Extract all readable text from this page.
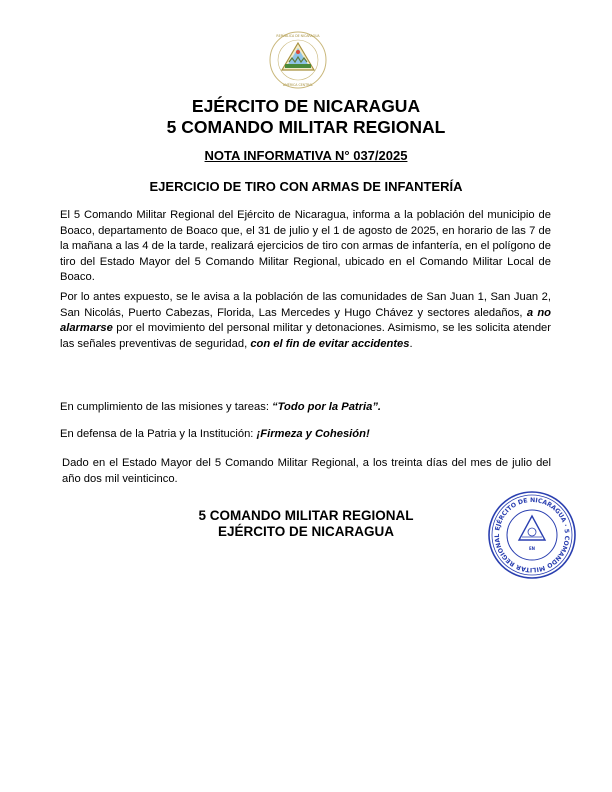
REPÚBLICA DE NICARAGUA
AMÉRICA CENTRAL
EJÉRCITO DE NICARAGUA
5 COMANDO MILITAR REGIONAL
NOTA INFORMATIVA N° 037/2025
EJERCICIO DE TIRO CON ARMAS DE INFANTERÍA
El 5 Comando Militar Regional del Ejército de Nicaragua, informa a la población del municipio de Boaco, departamento de Boaco que, el 31 de julio y el 1 de agosto de 2025, en horario de las 7 de la mañana a las 4 de la tarde, realizará ejercicios de tiro con armas de infantería, en el polígono de tiro del Estado Mayor del 5 Comando Militar Regional, ubicado en el Comando Militar Local de Boaco.
Por lo antes expuesto, se le avisa a la población de las comunidades de San Juan 1, San Juan 2, San Nicolás, Puerto Cabezas, Florida, Las Mercedes y Hugo Chávez y sectores aledaños, a no alarmarse por el movimiento del personal militar y detonaciones. Asimismo, se les solicita atender las señales preventivas de seguridad, con el fin de evitar accidentes.
En cumplimiento de las misiones y tareas: “Todo por la Patria”.
En defensa de la Patria y la Institución: ¡Firmeza y Cohesión!
Dado en el Estado Mayor del 5 Comando Militar Regional, a los treinta días del mes de julio del año dos mil veinticinco.
5 COMANDO MILITAR REGIONAL
EJÉRCITO DE NICARAGUA	EJÉRCITO DE NICARAGUA · 5 COMANDO MILITAR REGIONAL
EN
